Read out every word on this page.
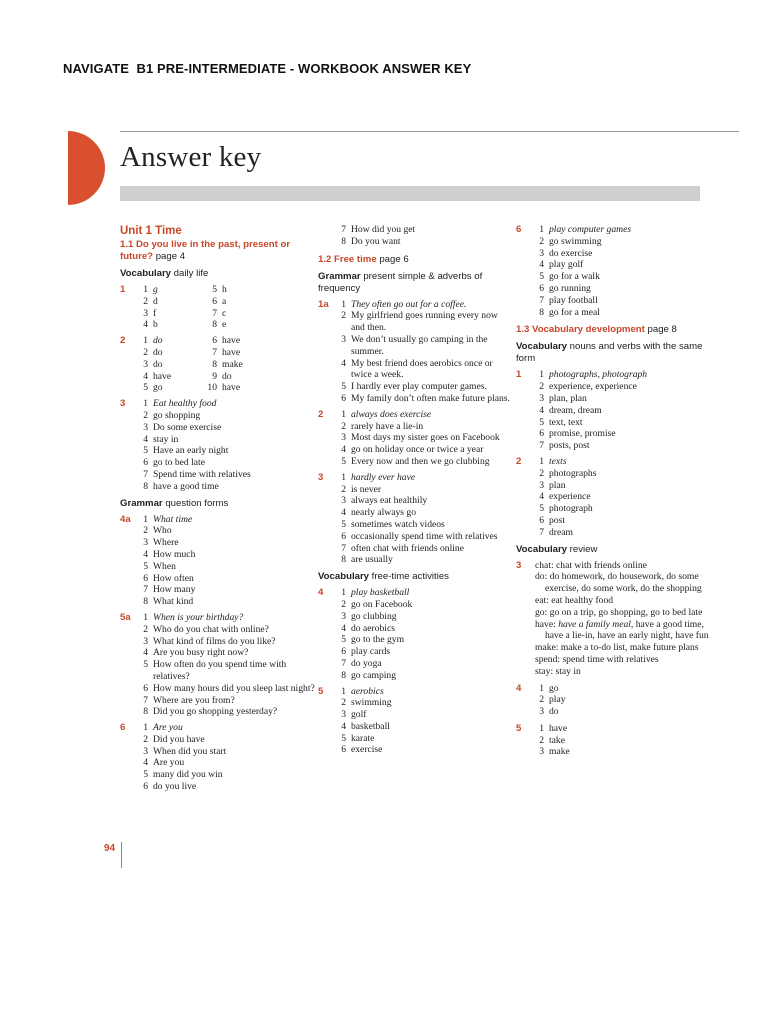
NAVIGATE  B1 PRE-INTERMEDIATE - WORKBOOK ANSWER KEY
Answer key
Unit 1 Time
1.1 Do you live in the past, present or future? page 4
Vocabulary daily life
1	1 g	5 h
2 d	6 a
3 f	7 c
4 b	8 e
2	1 do	6 have
2 do	7 have
3 do	8 make
4 have	9 do
5 go	10 have
3	1 Eat healthy food
2 go shopping
3 Do some exercise
4 stay in
5 Have an early night
6 go to bed late
7 Spend time with relatives
8 have a good time
Grammar question forms
4a	1 What time
2 Who
3 Where
4 How much
5 When
6 How often
7 How many
8 What kind
5a	1 When is your birthday?
2 Who do you chat with online?
3 What kind of films do you like?
4 Are you busy right now?
5 How often do you spend time with relatives?
6 How many hours did you sleep last night?
7 Where are you from?
8 Did you go shopping yesterday?
6	1 Are you
2 Did you have
3 When did you start
4 Are you
5 many did you win
6 do you live
7 How did you get
8 Do you want
1.2 Free time page 6
Grammar present simple & adverbs of frequency
1a	1 They often go out for a coffee.
2 My girlfriend goes running every now and then.
3 We don’t usually go camping in the summer.
4 My best friend does aerobics once or twice a week.
5 I hardly ever play computer games.
6 My family don’t often make future plans.
2	1 always does exercise
2 rarely have a lie-in
3 Most days my sister goes on Facebook
4 go on holiday once or twice a year
5 Every now and then we go clubbing
3	1 hardly ever have
2 is never
3 always eat healthily
4 nearly always go
5 sometimes watch videos
6 occasionally spend time with relatives
7 often chat with friends online
8 are usually
Vocabulary free-time activities
4	1 play basketball
2 go on Facebook
3 go clubbing
4 do aerobics
5 go to the gym
6 play cards
7 do yoga
8 go camping
5	1 aerobics
2 swimming
3 golf
4 basketball
5 karate
6 exercise
6	1 play computer games
2 go swimming
3 do exercise
4 play golf
5 go for a walk
6 go running
7 play football
8 go for a meal
1.3 Vocabulary development page 8
Vocabulary nouns and verbs with the same form
1	1 photographs, photograph
2 experience, experience
3 plan, plan
4 dream, dream
5 text, text
6 promise, promise
7 posts, post
2	1 texts
2 photographs
3 plan
4 experience
5 photograph
6 post
7 dream
Vocabulary review
3	chat: chat with friends online
do: do homework, do housework, do some exercise, do some work, do the shopping
eat: eat healthy food
go: go on a trip, go shopping, go to bed late
have: have a family meal, have a good time, have a lie-in, have an early night, have fun
make: make a to-do list, make future plans
spend: spend time with relatives
stay: stay in
4	1 go
2 play
3 do
5	1 have
2 take
3 make
94
